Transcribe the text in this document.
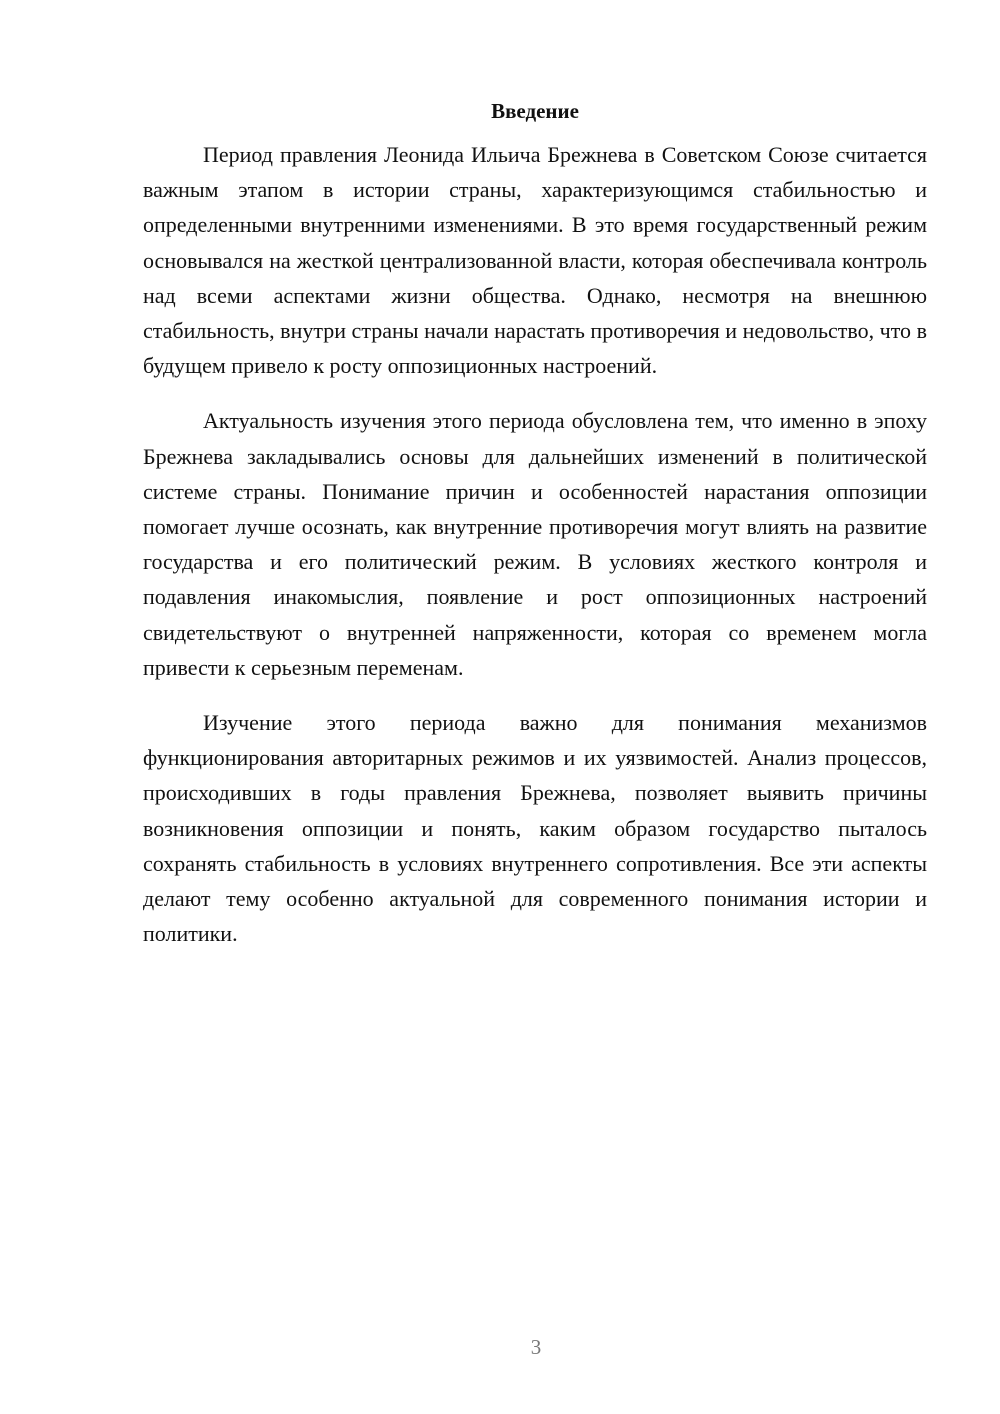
Введение

Период правления Леонида Ильича Брежнева в Советском Союзе считается важным этапом в истории страны, характеризующимся стабильностью и определенными внутренними изменениями. В это время государственный режим основывался на жесткой централизованной власти, которая обеспечивала контроль над всеми аспектами жизни общества. Однако, несмотря на внешнюю стабильность, внутри страны начали нарастать противоречия и недовольство, что в будущем привело к росту оппозиционных настроений.

Актуальность изучения этого периода обусловлена тем, что именно в эпоху Брежнева закладывались основы для дальнейших изменений в политической системе страны. Понимание причин и особенностей нарастания оппозиции помогает лучше осознать, как внутренние противоречия могут влиять на развитие государства и его политический режим. В условиях жесткого контроля и подавления инакомыслия, появление и рост оппозиционных настроений свидетельствуют о внутренней напряженности, которая со временем могла привести к серьезным переменам.

Изучение этого периода важно для понимания механизмов функционирования авторитарных режимов и их уязвимостей. Анализ процессов, происходивших в годы правления Брежнева, позволяет выявить причины возникновения оппозиции и понять, каким образом государство пыталось сохранять стабильность в условиях внутреннего сопротивления. Все эти аспекты делают тему особенно актуальной для современного понимания истории и политики.

3
